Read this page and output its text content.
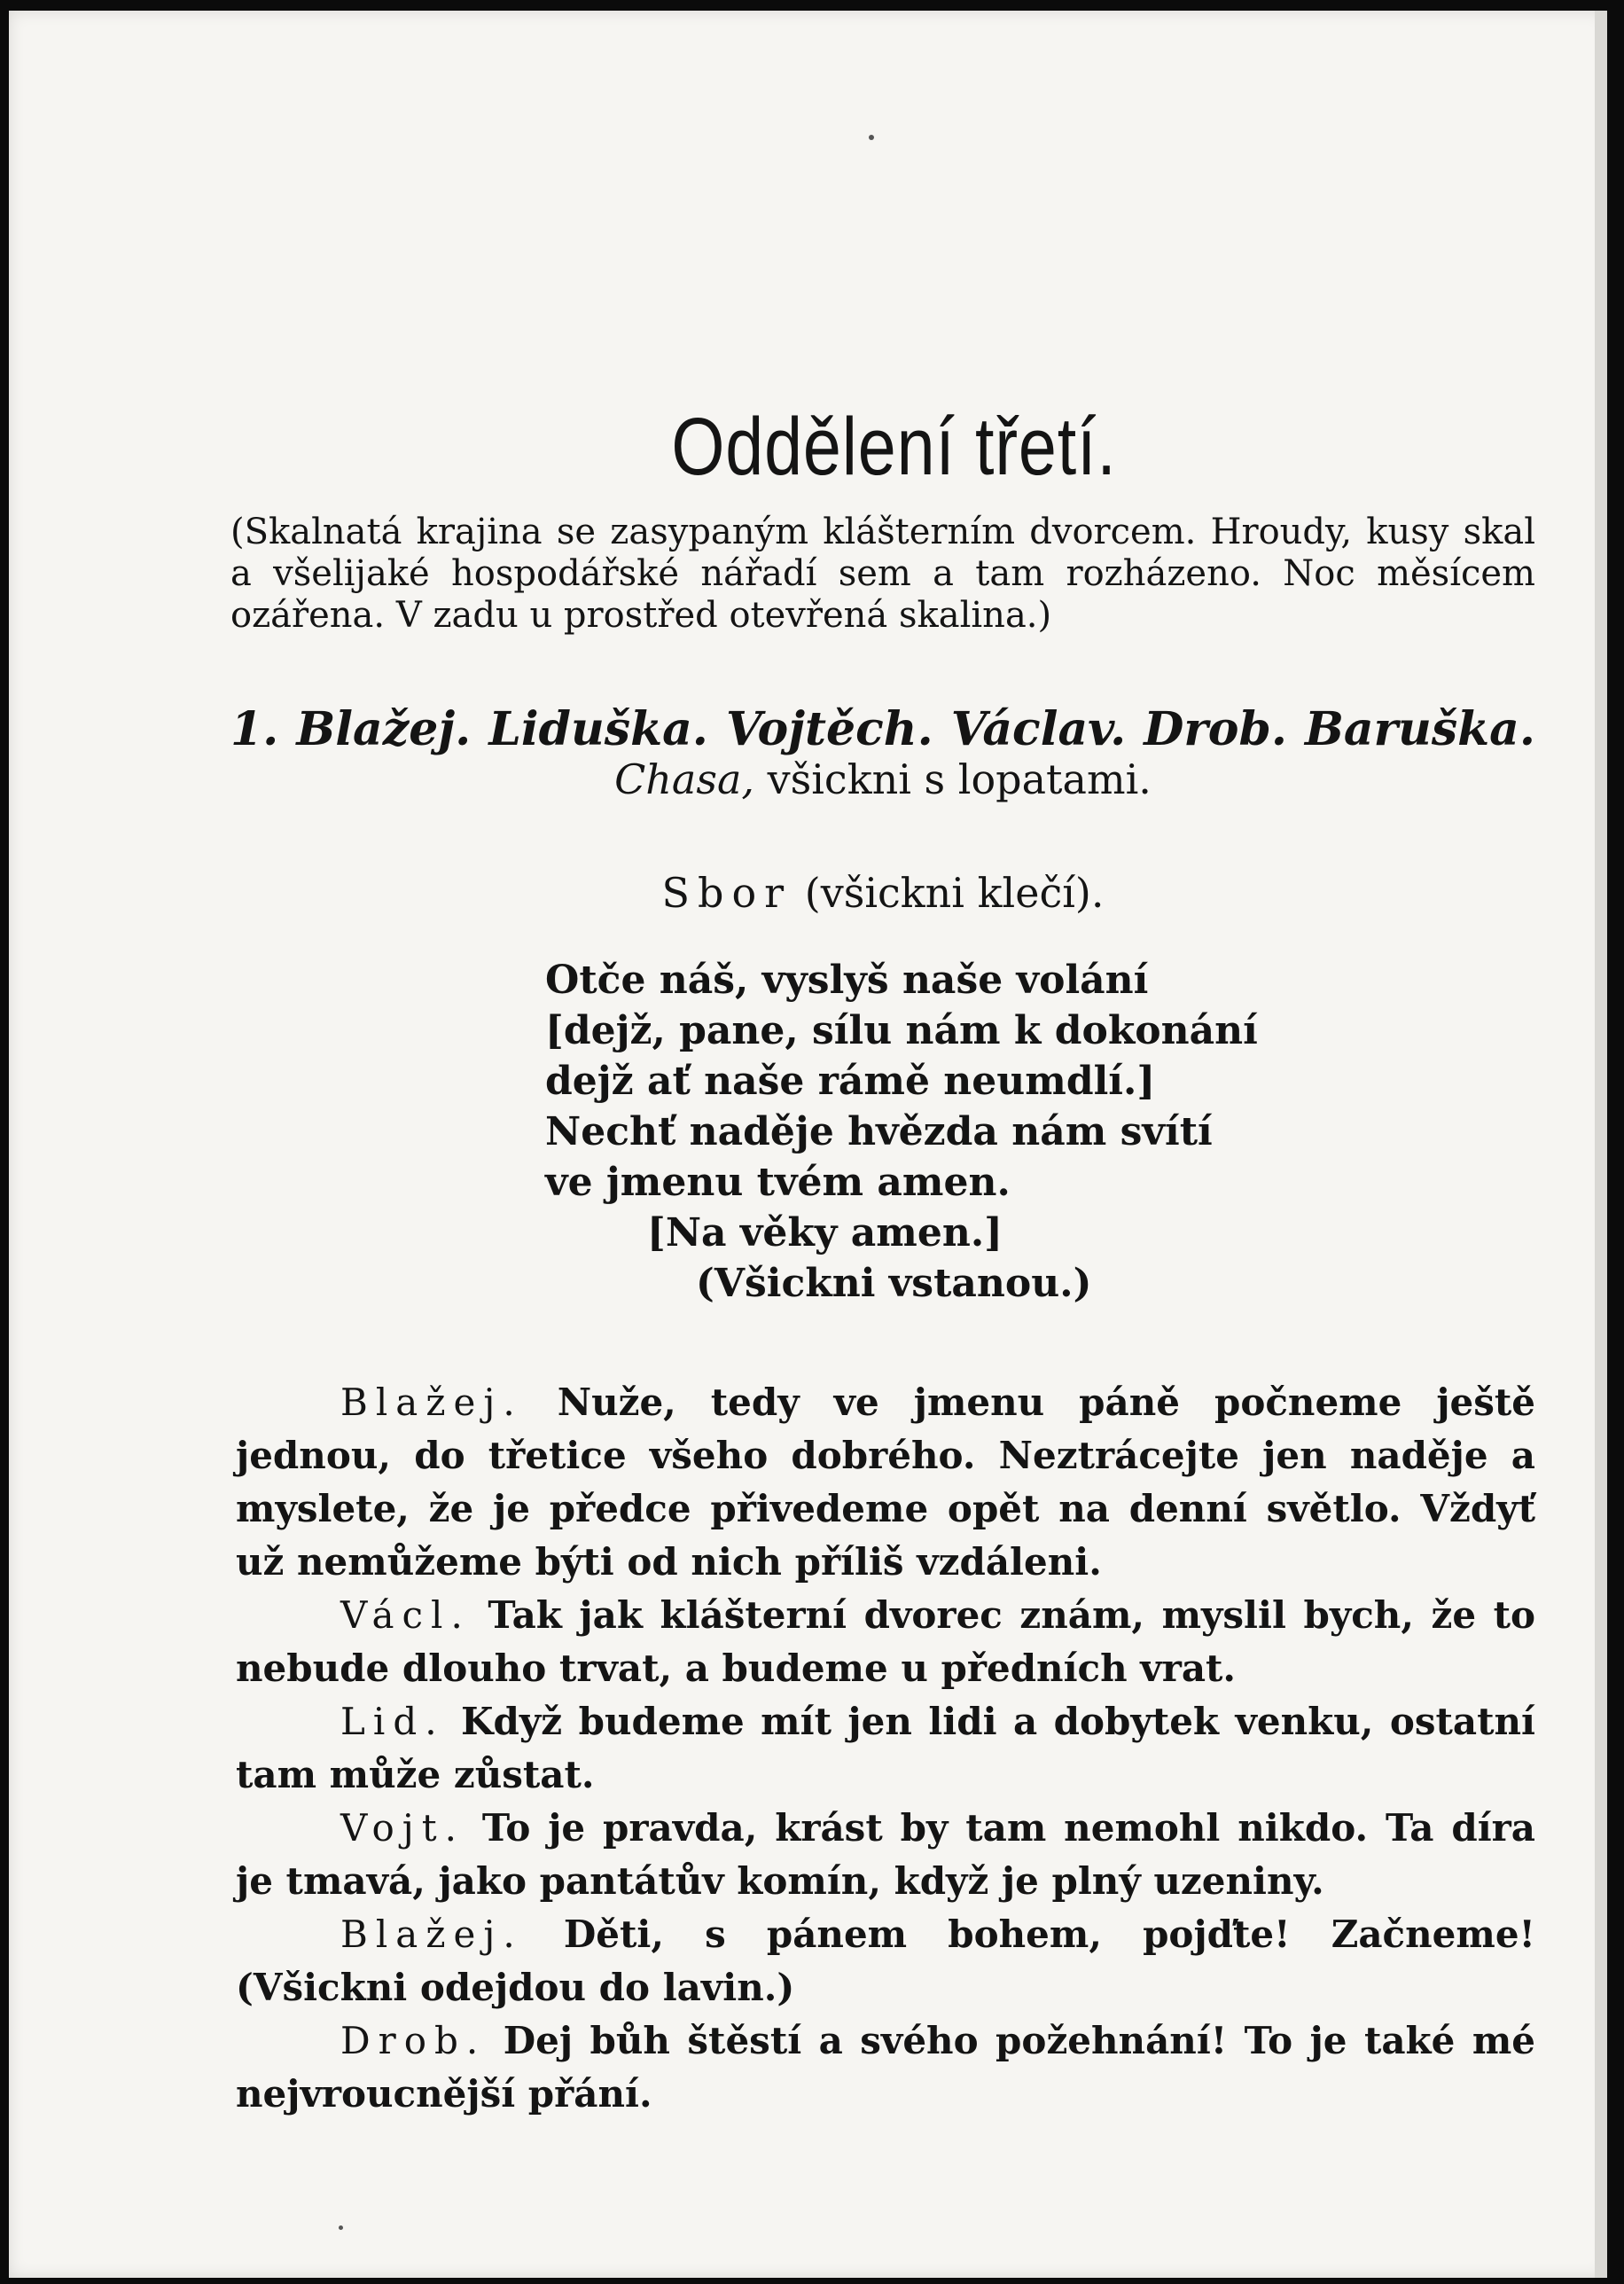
Oddělení třetí.
(Skalnatá krajina se zasypaným klášterním dvorcem. Hroudy, kusy skal a všelijaké hospodářské nářadí sem a tam rozházeno. Noc měsícem ozářena. V zadu u prostřed otevřená skalina.)
1. Blažej. Liduška. Vojtěch. Václav. Drob. Baruška.
Chasa, všickni s lopatami.
Sbor (všickni klečí).
Otče náš, vyslyš naše volání
[dejž, pane, sílu nám k dokonání
dejž ať naše rámě neumdlí.]
Nechť naděje hvězda nám svítí
ve jmenu tvém amen.
[Na věky amen.]
(Všickni vstanou.)

Blažej. Nuže, tedy ve jmenu páně počneme ještě jednou, do třetice všeho dobrého. Neztrácejte jen naděje a myslete, že je předce přivedeme opět na denní světlo. Vždyť už nemůžeme býti od nich příliš vzdáleni.

Václ. Tak jak klášterní dvorec znám, myslil bych, že to nebude dlouho trvat, a budeme u předních vrat.

Lid. Když budeme mít jen lidi a dobytek venku, ostatní tam může zůstat.

Vojt. To je pravda, krást by tam nemohl nikdo. Ta díra je tmavá, jako pantátův komín, když je plný uzeniny.

Blažej. Děti, s pánem bohem, pojďte! Začneme! (Všickni odejdou do lavin.)

Drob. Dej bůh štěstí a svého požehnání! To je také mé nejvroucnější přání.
